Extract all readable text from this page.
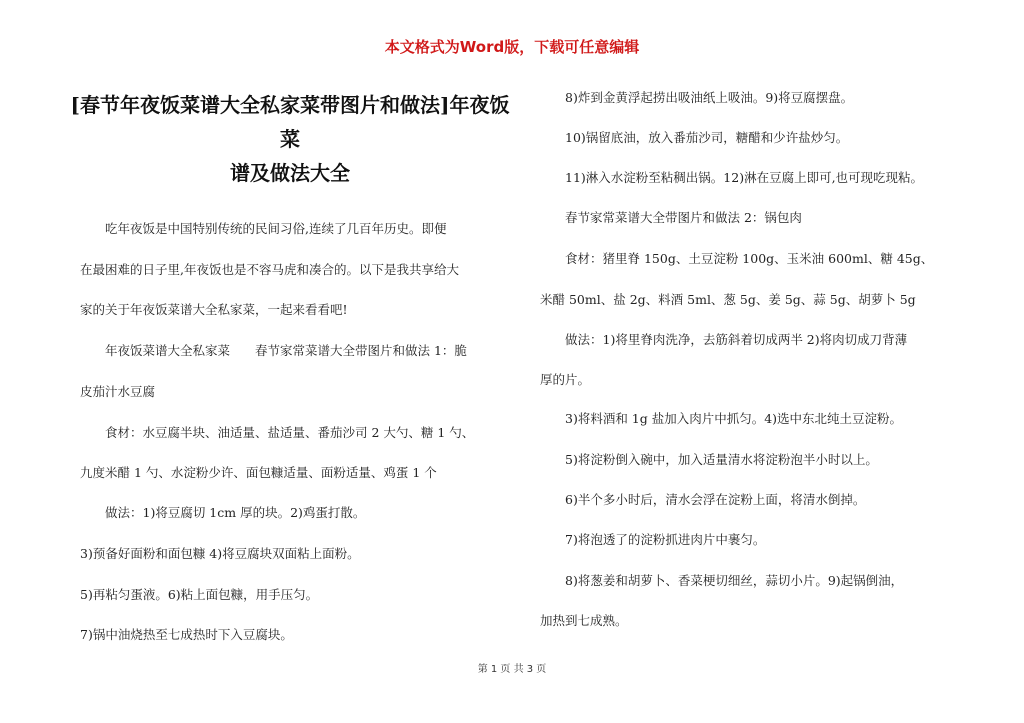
本文格式为Word版，下载可任意编辑
[春节年夜饭菜谱大全私家菜带图片和做法]年夜饭菜
谱及做法大全
　　吃年夜饭是中国特别传统的民间习俗,连续了几百年历史。即便
在最困难的日子里,年夜饭也是不容马虎和凑合的。以下是我共享给大
家的关于年夜饭菜谱大全私家菜，一起来看看吧!
　　年夜饭菜谱大全私家菜　　春节家常菜谱大全带图片和做法 1：脆
皮茄汁水豆腐
　　食材：水豆腐半块、油适量、盐适量、番茄沙司 2 大勺、糖 1 勺、
九度米醋 1 勺、水淀粉少许、面包糠适量、面粉适量、鸡蛋 1 个
　　做法：1)将豆腐切 1cm 厚的块。2)鸡蛋打散。
3)预备好面粉和面包糠 4)将豆腐块双面粘上面粉。
5)再粘匀蛋液。6)粘上面包糠，用手压匀。
7)锅中油烧热至七成热时下入豆腐块。
　　8)炸到金黄浮起捞出吸油纸上吸油。9)将豆腐摆盘。
　　10)锅留底油，放入番茄沙司，糖醋和少许盐炒匀。
　　11)淋入水淀粉至粘稠出锅。12)淋在豆腐上即可,也可现吃现粘。
　　春节家常菜谱大全带图片和做法 2：锅包肉
　　食材：猪里脊 150g、土豆淀粉 100g、玉米油 600ml、糖 45g、
米醋 50ml、盐 2g、料酒 5ml、葱 5g、姜 5g、蒜 5g、胡萝卜 5g
　　做法：1)将里脊肉洗净，去筋斜着切成两半 2)将肉切成刀背薄
厚的片。
　　3)将料酒和 1g 盐加入肉片中抓匀。4)选中东北纯土豆淀粉。
　　5)将淀粉倒入碗中，加入适量清水将淀粉泡半小时以上。
　　6)半个多小时后，清水会浮在淀粉上面，将清水倒掉。
　　7)将泡透了的淀粉抓进肉片中裹匀。
　　8)将葱姜和胡萝卜、香菜梗切细丝，蒜切小片。9)起锅倒油，
加热到七成熟。
第 1 页 共 3 页
